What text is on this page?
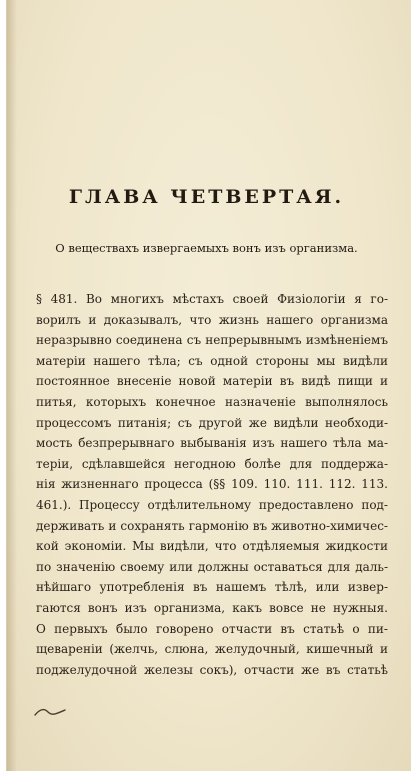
ГЛАВА ЧЕТВЕРТАЯ.
О веществахъ извергаемыхъ вонъ изъ организма.
§ 481. Во многихъ мѣстахъ своей Физіологіи я го-
ворилъ и доказывалъ, что жизнь нашего организма
неразрывно соединена съ непрерывнымъ измѣненіемъ
матеріи нашего тѣла; съ одной стороны мы видѣли
постоянное внесеніе новой матеріи въ видѣ пищи и
питья, которыхъ конечное назначеніе выполнялось
процессомъ питанія; съ другой же видѣли необходи-
мость безпрерывнаго выбыванія изъ нашего тѣла ма-
теріи, сдѣлавшейся негодною болѣе для поддержа-
нія жизненнаго процесса (§§ 109. 110. 111. 112. 113.
461.). Процессу отдѣлительному предоставлено под-
держивать и сохранять гармонію въ животно-химичес-
кой экономіи. Мы видѣли, что отдѣляемыя жидкости
по значенію своему или должны оставаться для даль-
нѣйшаго употребленія въ нашемъ тѣлѣ, или извер-
гаются вонъ изъ организма, какъ вовсе не нужныя.
О первыхъ было говорено отчасти въ статьѣ о пи-
щевареніи (желчь, слюна, желудочный, кишечный и
поджелудочной железы сокъ), отчасти же въ статьѣ
